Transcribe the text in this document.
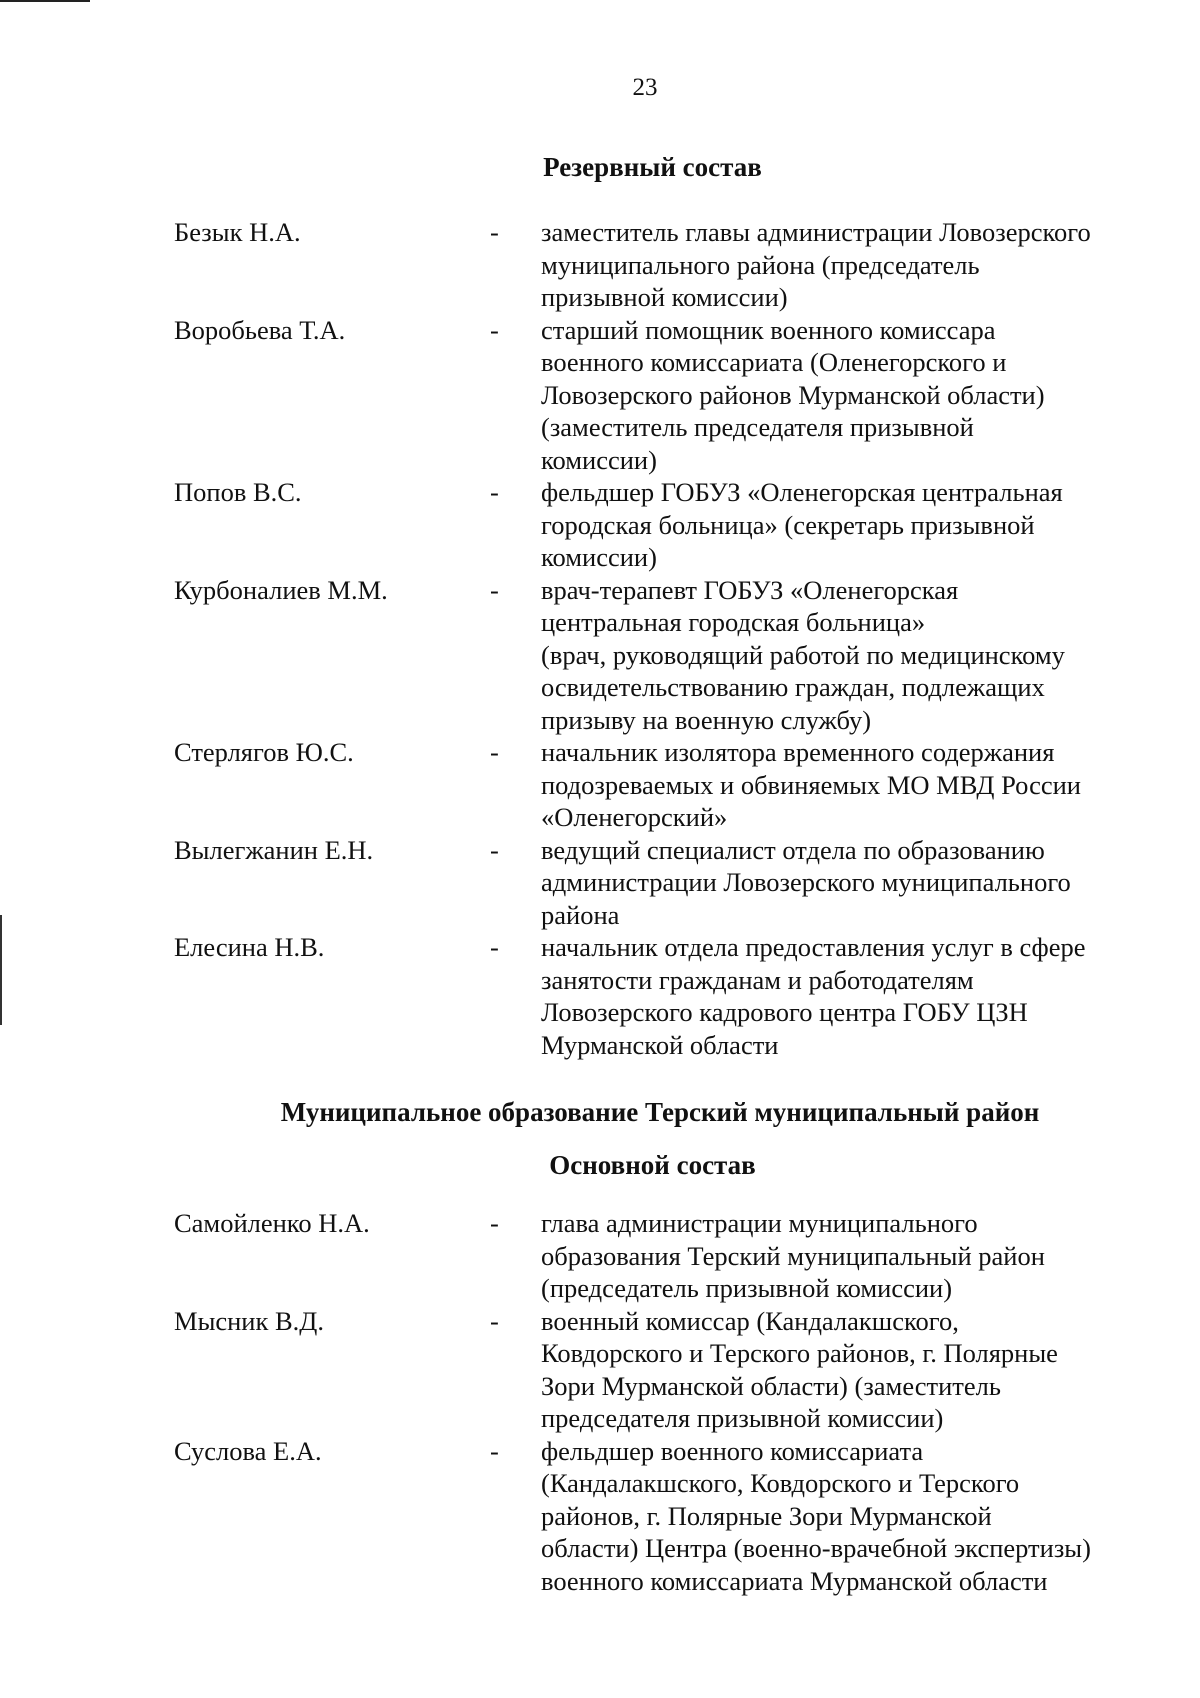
23
Резервный состав
Безык Н.А.	- заместитель главы администрации Ловозерского
муниципального района (председатель
призывной комиссии)
Воробьева Т.А.	- старший помощник военного комиссара
военного комиссариата (Оленегорского и
Ловозерского районов Мурманской области)
(заместитель председателя призывной
комиссии)
Попов В.С.	- фельдшер ГОБУЗ «Оленегорская центральная
городская больница» (секретарь призывной
комиссии)
Курбоналиев М.М.	- врач-терапевт ГОБУЗ «Оленегорская
центральная городская больница»
(врач, руководящий работой по медицинскому
освидетельствованию граждан, подлежащих
призыву на военную службу)
Стерлягов Ю.С.	- начальник изолятора временного содержания
подозреваемых и обвиняемых МО МВД России
«Оленегорский»
Вылегжанин Е.Н.	- ведущий специалист отдела по образованию
администрации Ловозерского муниципального
района
Елесина Н.В.	- начальник отдела предоставления услуг в сфере
занятости гражданам и работодателям
Ловозерского кадрового центра ГОБУ ЦЗН
Мурманской области
Муниципальное образование Терский муниципальный район
Основной состав
Самойленко Н.А.	- глава администрации муниципального
образования Терский муниципальный район
(председатель призывной комиссии)
Мысник В.Д.	- военный комиссар (Кандалакшского,
Ковдорского и Терского районов, г. Полярные
Зори Мурманской области) (заместитель
председателя призывной комиссии)
Суслова Е.А.	- фельдшер военного комиссариата
(Кандалакшского, Ковдорского и Терского
районов, г. Полярные Зори Мурманской
области) Центра (военно-врачебной экспертизы)
военного комиссариата Мурманской области
